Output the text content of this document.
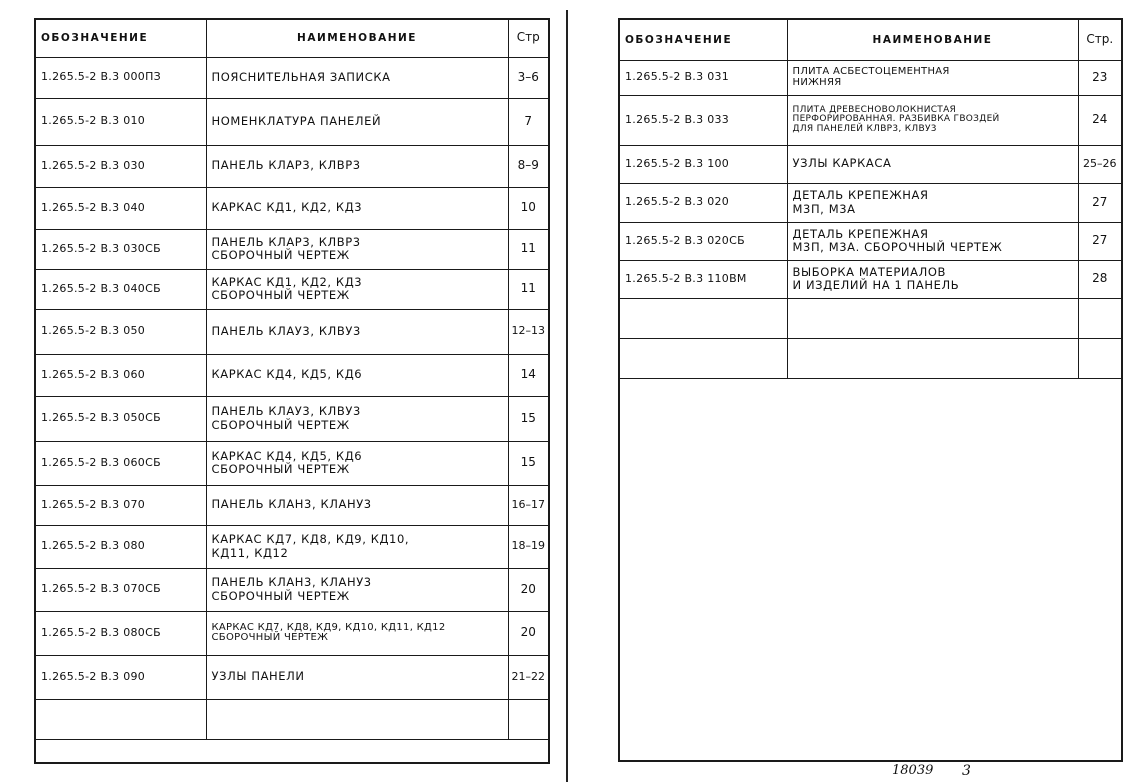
ОБОЗНАЧЕНИЕ	НАИМЕНОВАНИЕ	Стр
1.265.5-2 В.3 000ПЗ	ПОЯСНИТЕЛЬНАЯ ЗАПИСКА	3–6
1.265.5-2 В.3 010	НОМЕНКЛАТУРА ПАНЕЛЕЙ	7
1.265.5-2 В.3 030	ПАНЕЛЬ КЛАР3, КЛВР3	8–9
1.265.5-2 В.3 040	КАРКАС КД1, КД2, КД3	10
1.265.5-2 В.3 030СБ	ПАНЕЛЬ КЛАР3, КЛВР3
СБОРОЧНЫЙ ЧЕРТЕЖ	11
1.265.5-2 В.3 040СБ	КАРКАС КД1, КД2, КД3
СБОРОЧНЫЙ ЧЕРТЕЖ	11
1.265.5-2 В.3 050	ПАНЕЛЬ КЛАУ3, КЛВУ3	12–13
1.265.5-2 В.3 060	КАРКАС КД4, КД5, КД6	14
1.265.5-2 В.3 050СБ	ПАНЕЛЬ КЛАУ3, КЛВУ3
СБОРОЧНЫЙ ЧЕРТЕЖ	15
1.265.5-2 В.3 060СБ	КАРКАС КД4, КД5, КД6
СБОРОЧНЫЙ ЧЕРТЕЖ	15
1.265.5-2 В.3 070	ПАНЕЛЬ КЛАН3, КЛАНУ3	16–17
1.265.5-2 В.3 080	КАРКАС КД7, КД8, КД9, КД10,
КД11, КД12	18–19
1.265.5-2 В.3 070СБ	ПАНЕЛЬ КЛАН3, КЛАНУ3
СБОРОЧНЫЙ ЧЕРТЕЖ	20
1.265.5-2 В.3 080СБ	КАРКАС КД7, КД8, КД9, КД10, КД11, КД12
СБОРОЧНЫЙ ЧЕРТЕЖ	20
1.265.5-2 В.3 090	УЗЛЫ ПАНЕЛИ	21–22

ОБОЗНАЧЕНИЕ	НАИМЕНОВАНИЕ	Стр.
1.265.5-2 В.3 031	ПЛИТА АСБЕСТОЦЕМЕНТНАЯ
НИЖНЯЯ	23
1.265.5-2 В.3 033	ПЛИТА ДРЕВЕСНОВОЛОКНИСТАЯ
ПЕРФОРИРОВАННАЯ. РАЗБИВКА ГВОЗДЕЙ
ДЛЯ ПАНЕЛЕЙ КЛВР3, КЛВУ3	24
1.265.5-2 В.3 100	УЗЛЫ КАРКАСА	25–26
1.265.5-2 В.3 020	ДЕТАЛЬ КРЕПЕЖНАЯ
М3П, М3А	27
1.265.5-2 В.3 020СБ	ДЕТАЛЬ КРЕПЕЖНАЯ
М3П, М3А. СБОРОЧНЫЙ ЧЕРТЕЖ	27
1.265.5-2 В.3 110ВМ	ВЫБОРКА МАТЕРИАЛОВ
И ИЗДЕЛИЙ НА 1 ПАНЕЛЬ	28

18039 3
